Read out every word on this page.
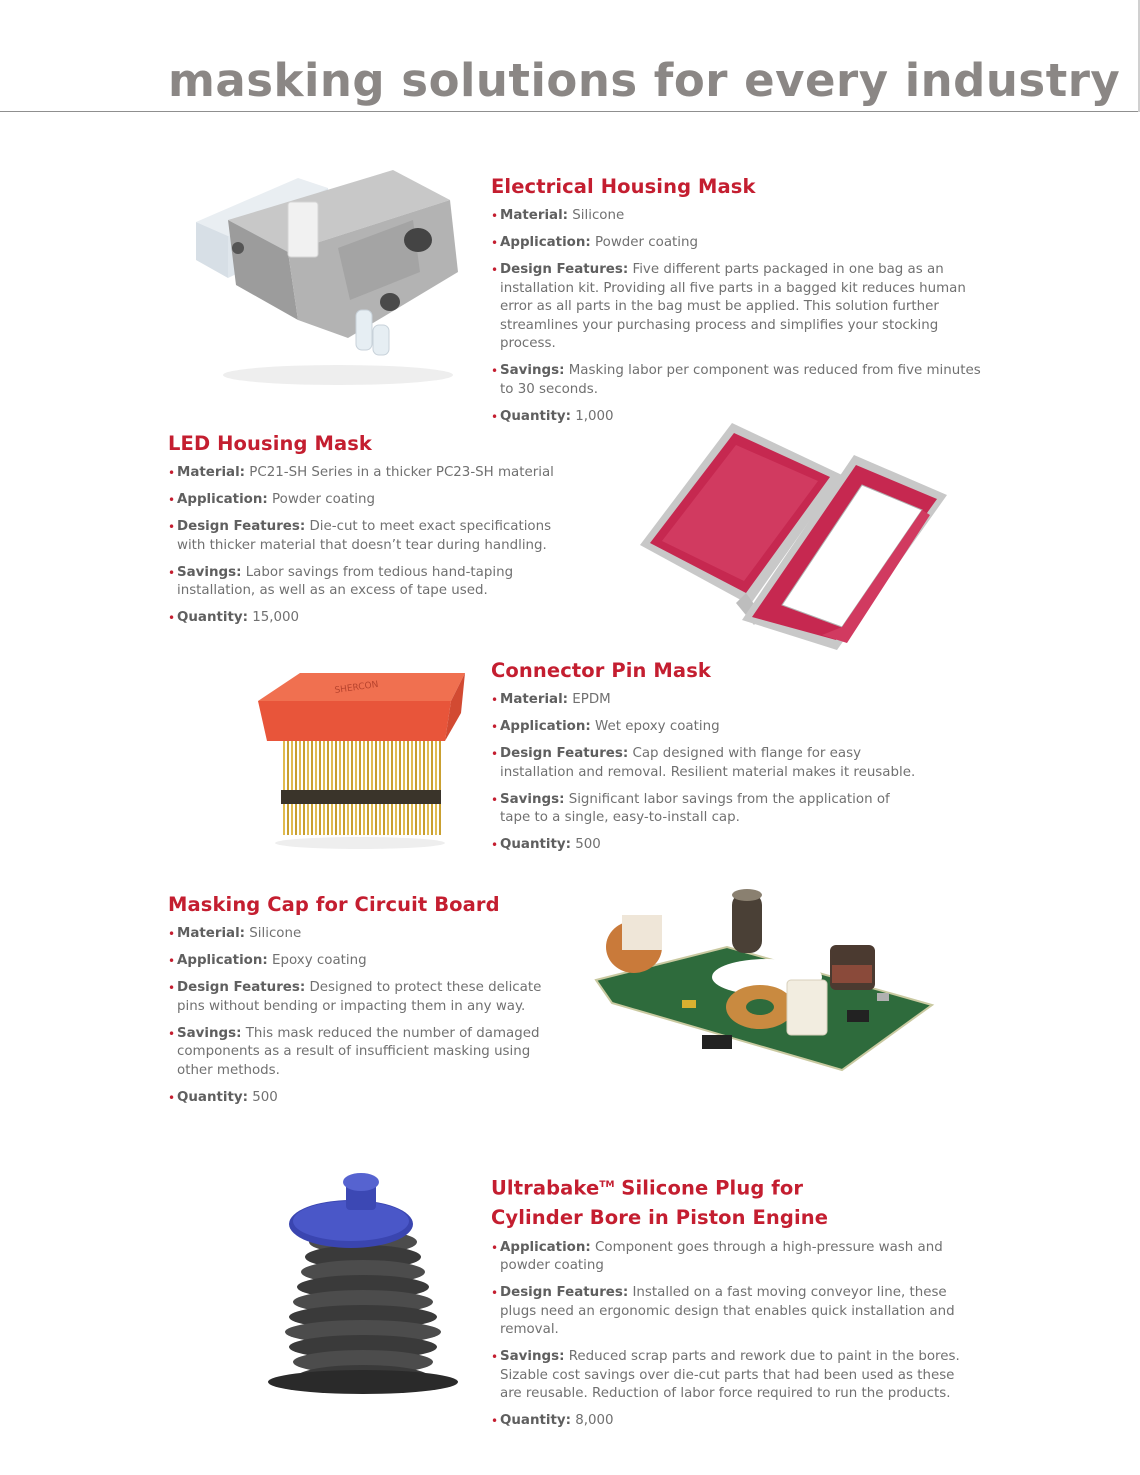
masking solutions for every industry
Electrical Housing Mask
• Material: Silicone
• Application: Powder coating
• Design Features: Five different parts packaged in one bag as an installation kit. Providing all five parts in a bagged kit reduces human error as all parts in the bag must be applied. This solution further streamlines your purchasing process and simplifies your stocking process.
• Savings: Masking labor per component was reduced from five minutes to 30 seconds.
• Quantity: 1,000
LED Housing Mask
• Material: PC21-SH Series in a thicker PC23-SH material
• Application: Powder coating
• Design Features: Die-cut to meet exact specifications with thicker material that doesn’t tear during handling.
• Savings: Labor savings from tedious hand-taping installation, as well as an excess of tape used.
• Quantity: 15,000
SHERCON
Connector Pin Mask
• Material: EPDM
• Application: Wet epoxy coating
• Design Features: Cap designed with flange for easy installation and removal. Resilient material makes it reusable.
• Savings: Significant labor savings from the application of tape to a single, easy-to-install cap.
• Quantity: 500
Masking Cap for Circuit Board
• Material: Silicone
• Application: Epoxy coating
• Design Features: Designed to protect these delicate pins without bending or impacting them in any way.
• Savings: This mask reduced the number of damaged components as a result of insufficient masking using other methods.
• Quantity: 500
Ultrabake™ Silicone Plug for
Cylinder Bore in Piston Engine
• Application: Component goes through a high-pressure wash and powder coating
• Design Features: Installed on a fast moving conveyor line, these plugs need an ergonomic design that enables quick installation and removal.
• Savings: Reduced scrap parts and rework due to paint in the bores. Sizable cost savings over die-cut parts that had been used as these are reusable. Reduction of labor force required to run the products.
• Quantity: 8,000
